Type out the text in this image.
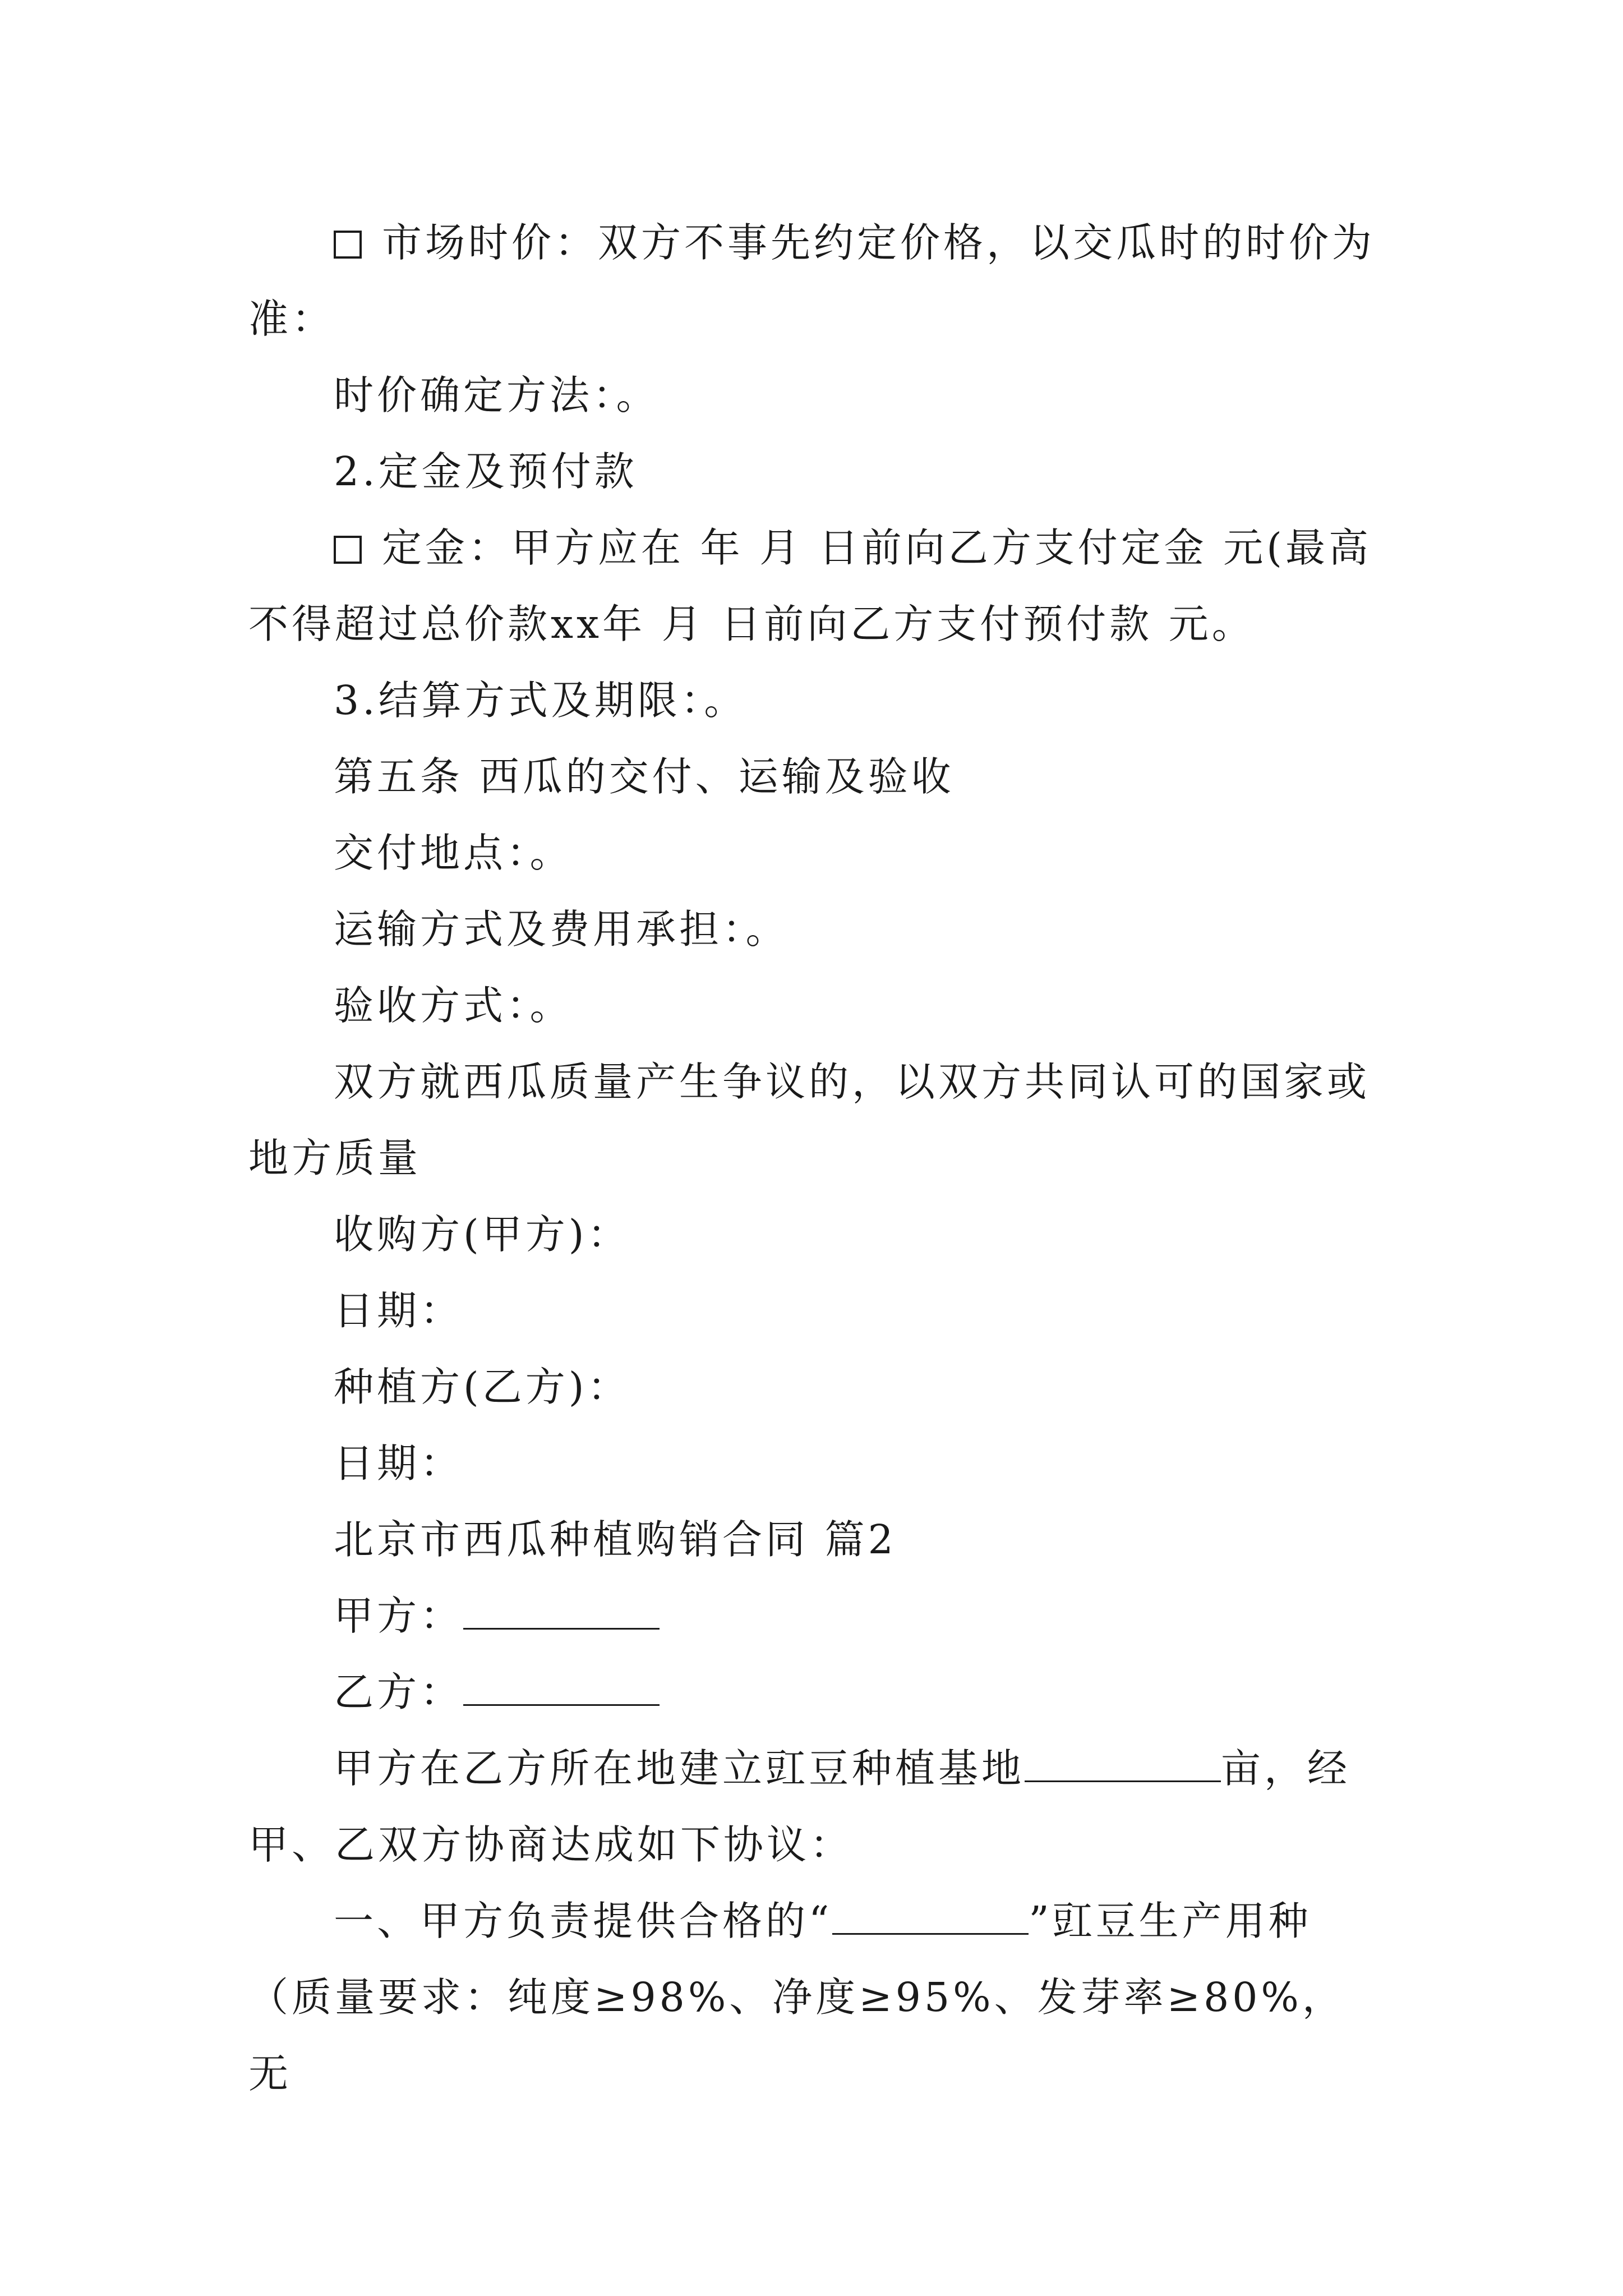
市场时价：双方不事先约定价格，以交瓜时的时价为准：

时价确定方法：。

2.定金及预付款

定金：甲方应在 年 月 日前向乙方支付定金 元(最高不得超过总价款xx年 月 日前向乙方支付预付款 元。

3.结算方式及期限：。

第五条 西瓜的交付、运输及验收

交付地点：。

运输方式及费用承担：。

验收方式：。

双方就西瓜质量产生争议的，以双方共同认可的国家或地方质量

收购方(甲方)：

日期：

种植方(乙方)：

日期：

北京市西瓜种植购销合同 篇2

甲方：

乙方：

甲方在乙方所在地建立豇豆种植基地	亩，经甲、乙双方协商达成如下协议：

一、甲方负责提供合格的“	”豇豆生产用种（质量要求：纯度≥98%、净度≥95%、发芽率≥80%，无
